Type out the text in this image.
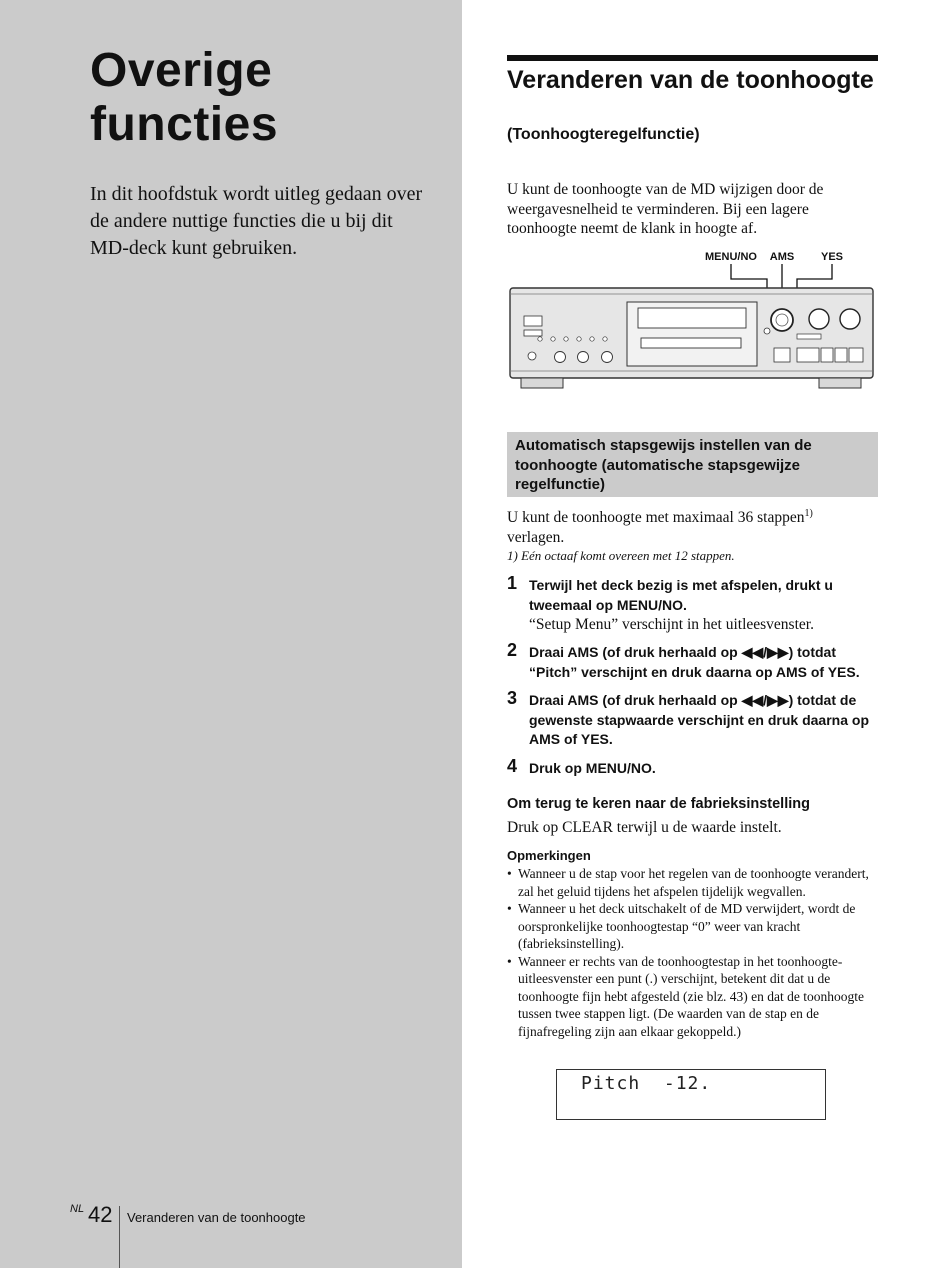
Overige functies

In dit hoofdstuk wordt uitleg gedaan over de andere nuttige functies die u bij dit MD-deck kunt gebruiken.

NL 42 Veranderen van de toonhoogte
Veranderen van de toonhoogte
(Toonhoogteregelfunctie)

U kunt de toonhoogte van de MD wijzigen door de weergavesnelheid te verminderen. Bij een lagere toonhoogte neemt de klank in hoogte af.

MENU/NO AMS YES
Automatisch stapsgewijs instellen van de toonhoogte (automatische stapsgewijze regelfunctie)

U kunt de toonhoogte met maximaal 36 stappen$^{1)}$
verlagen.

1) Eén octaaf komt overeen met 12 stappen.
1 Terwijl het deck bezig is met afspelen, drukt u tweemaal op MENU/NO.
“Setup Menu” verschijnt in het uitleesvenster.
2 Draai AMS (of druk herhaald op ◀◀/▶▶) totdat “Pitch” verschijnt en druk daarna op AMS of YES.
3 Draai AMS (of druk herhaald op ◀◀/▶▶) totdat de gewenste stapwaarde verschijnt en druk daarna op AMS of YES.
4 Druk op MENU/NO.
Om terug te keren naar de fabrieksinstelling
Druk op CLEAR terwijl u de waarde instelt.
Opmerkingen
• Wanneer u de stap voor het regelen van de toonhoogte verandert, zal het geluid tijdens het afspelen tijdelijk wegvallen.
• Wanneer u het deck uitschakelt of de MD verwijdert, wordt de oorspronkelijke toonhoogtestap “0” weer van kracht (fabrieksinstelling).
• Wanneer er rechts van de toonhoogtestap in het toonhoogte-uitleesvenster een punt (.) verschijnt, betekent dit dat u de toonhoogte fijn hebt afgesteld (zie blz. 43) en dat de toonhoogte tussen twee stappen ligt. (De waarden van de stap en de fijnafregeling zijn aan elkaar gekoppeld.)
Pitch  -12.
